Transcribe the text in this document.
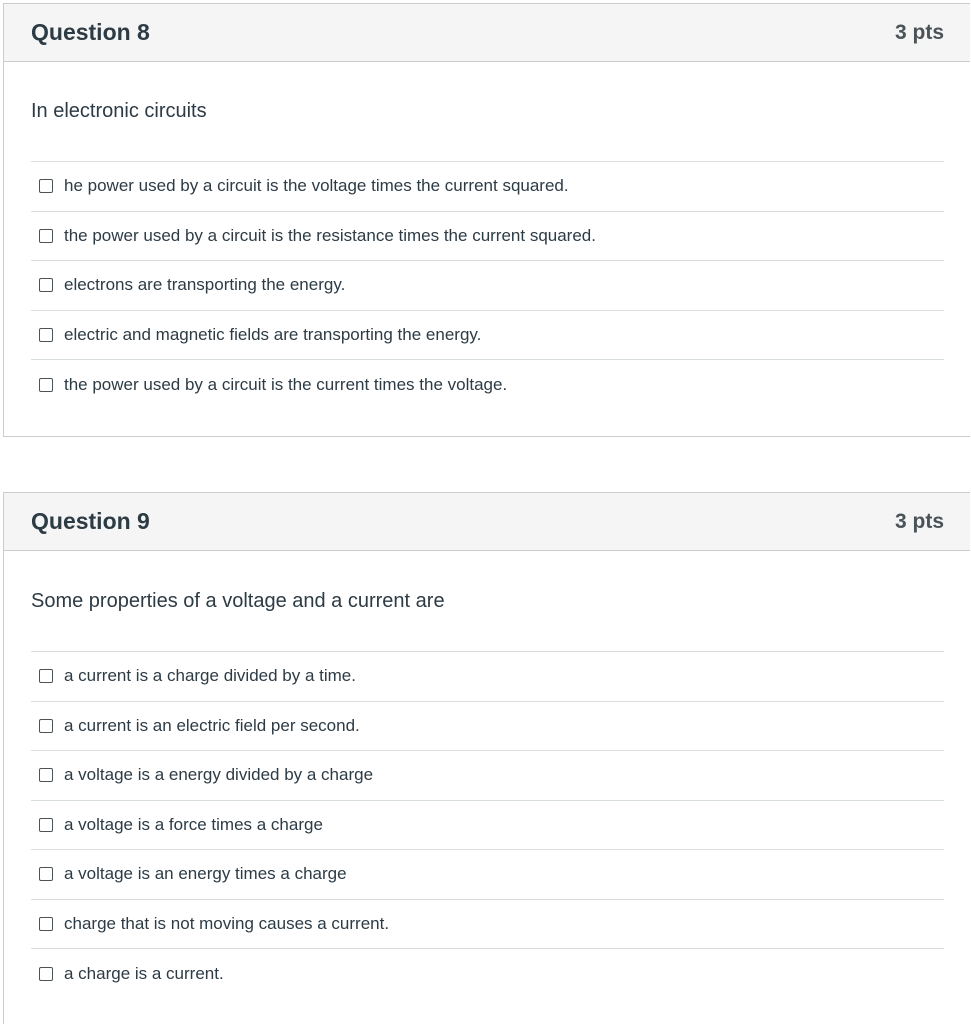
Question 8	3 pts
In electronic circuits
he power used by a circuit is the voltage times the current squared.
the power used by a circuit is the resistance times the current squared.
electrons are transporting the energy.
electric and magnetic fields are transporting the energy.
the power used by a circuit is the current times the voltage.
Question 9	3 pts
Some properties of a voltage and a current are
a current is a charge divided by a time.
a current is an electric field per second.
a voltage is a energy divided by a charge
a voltage is a force times a charge
a voltage is an energy times a charge
charge that is not moving causes a current.
a charge is a current.
